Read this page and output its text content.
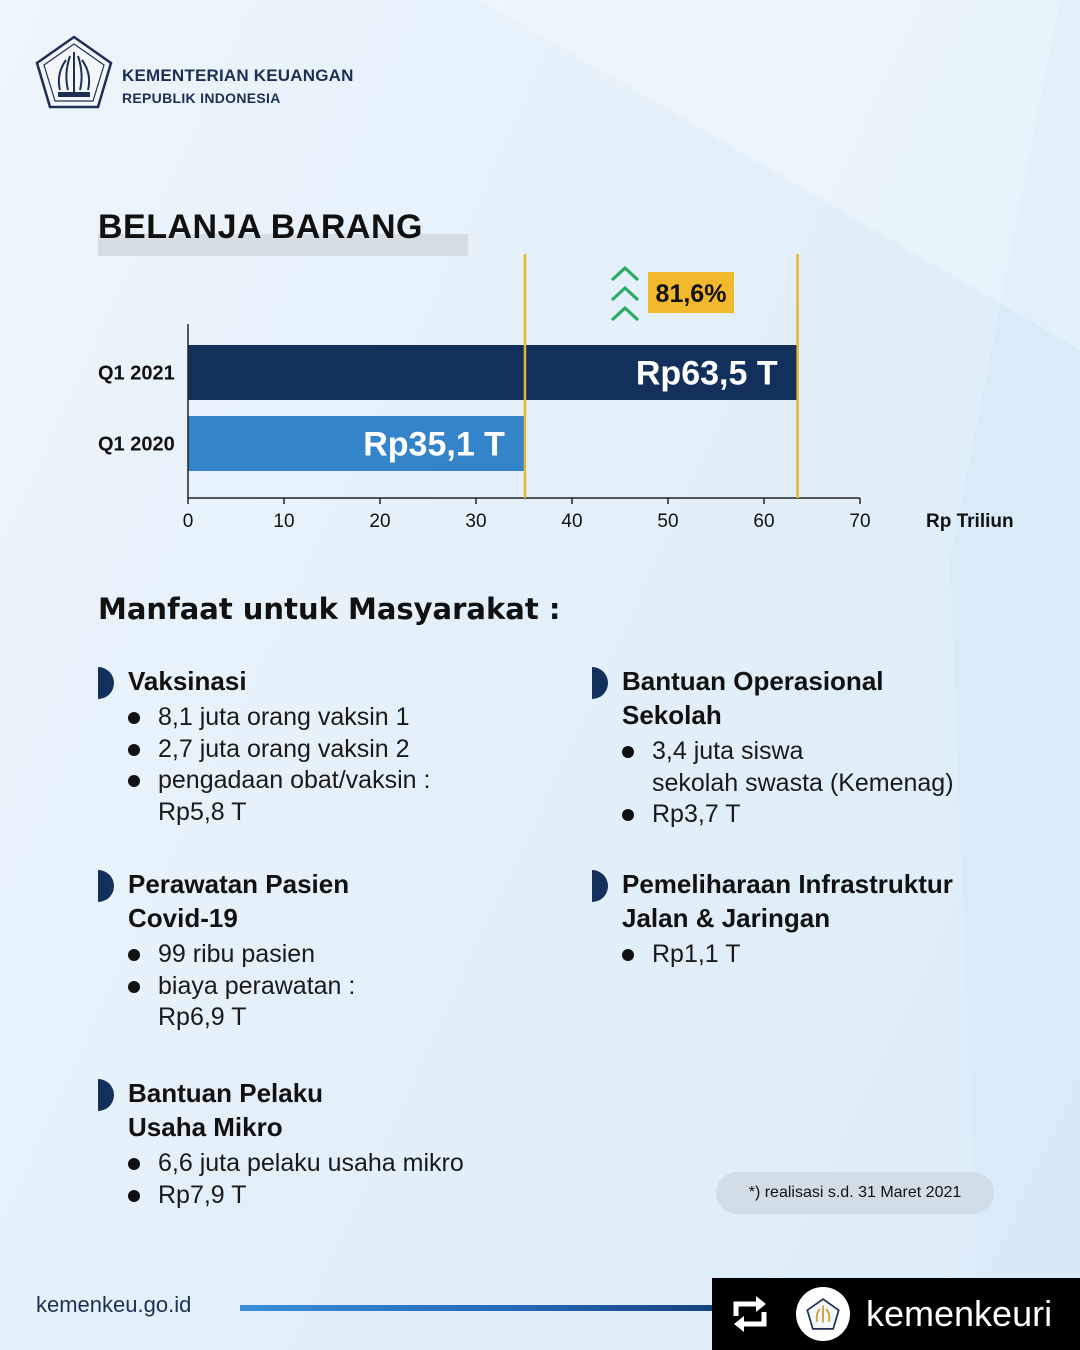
KEMENTERIAN KEUANGAN
REPUBLIK INDONESIA
BELANJA BARANG
0	10	20	30	40	50	60	70	Rp Triliun
Q1 2021
Q1 2020
Rp63,5 T
Rp35,1 T
81,6%
Manfaat untuk Masyarakat :
Vaksinasi
8,1 juta orang vaksin 1
2,7 juta orang vaksin 2
pengadaan obat/vaksin :
Rp5,8 T
Perawatan Pasien
Covid-19
99 ribu pasien
biaya perawatan :
Rp6,9 T
Bantuan Pelaku
Usaha Mikro
6,6 juta pelaku usaha mikro
Rp7,9 T
Bantuan Operasional
Sekolah
3,4 juta siswa
sekolah swasta (Kemenag)
Rp3,7 T
Pemeliharaan Infrastruktur
Jalan & Jaringan
Rp1,1 T
*) realisasi s.d. 31 Maret 2021
kemenkeu.go.id	kemenkeuri
